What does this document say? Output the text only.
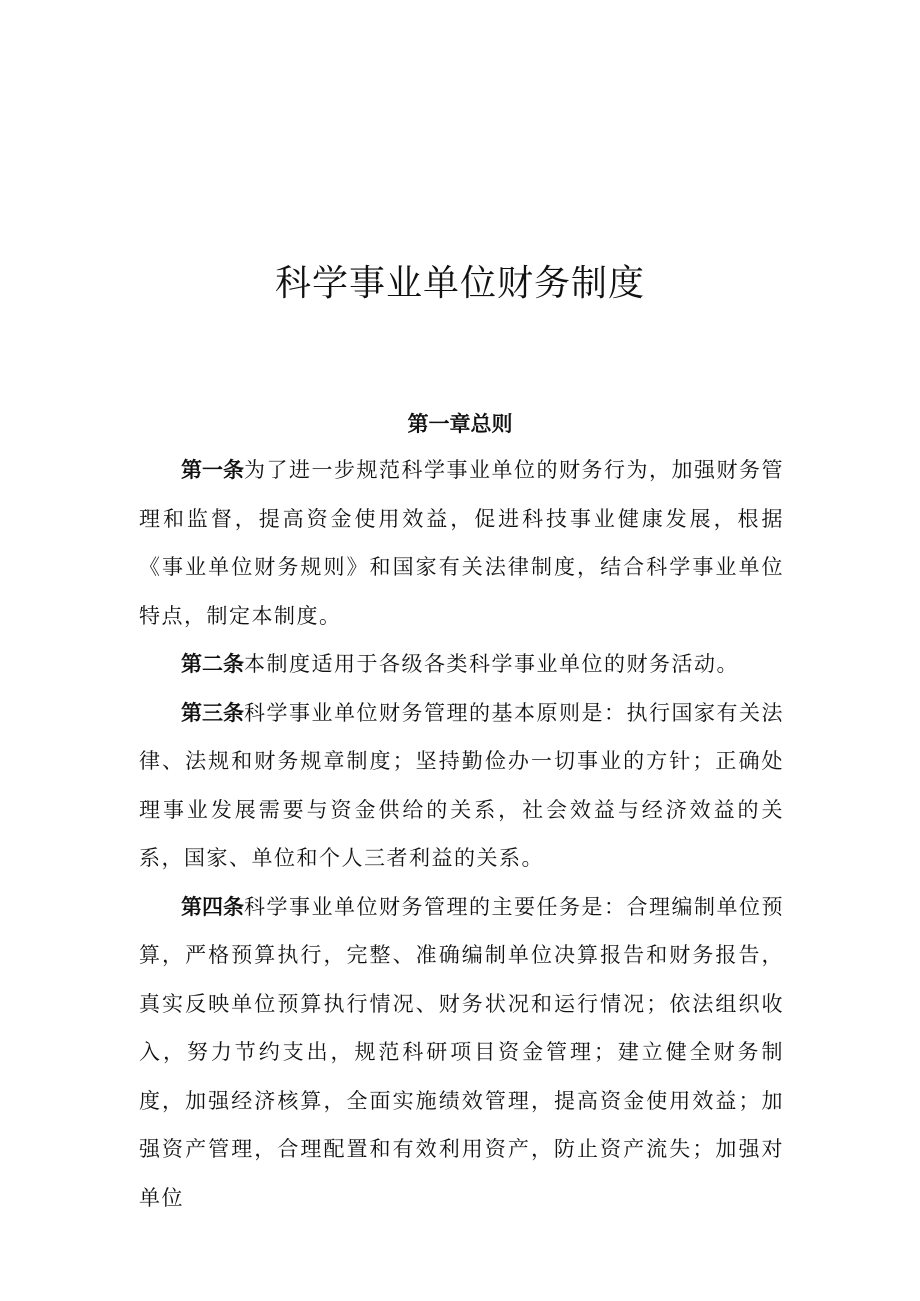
科学事业单位财务制度
第一章总则

第一条为了进一步规范科学事业单位的财务行为，加强财务管理和监督，提高资金使用效益，促进科技事业健康发展，根据《事业单位财务规则》和国家有关法律制度，结合科学事业单位特点，制定本制度。

第二条本制度适用于各级各类科学事业单位的财务活动。

第三条科学事业单位财务管理的基本原则是：执行国家有关法律、法规和财务规章制度；坚持勤俭办一切事业的方针；正确处理事业发展需要与资金供给的关系，社会效益与经济效益的关系，国家、单位和个人三者利益的关系。

第四条科学事业单位财务管理的主要任务是：合理编制单位预算，严格预算执行，完整、准确编制单位决算报告和财务报告，真实反映单位预算执行情况、财务状况和运行情况；依法组织收入，努力节约支出，规范科研项目资金管理；建立健全财务制度，加强经济核算，全面实施绩效管理，提高资金使用效益；加强资产管理，合理配置和有效利用资产，防止资产流失；加强对单位
